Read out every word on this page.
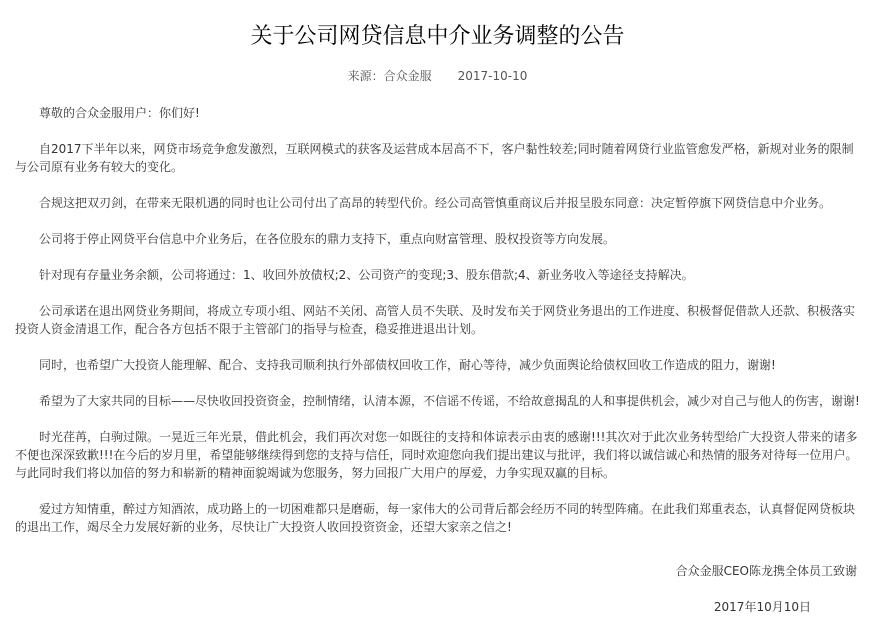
关于公司网贷信息中介业务调整的公告
来源：合众金服 2017-10-10

尊敬的合众金服用户：你们好!

自2017下半年以来，网贷市场竞争愈发激烈，互联网模式的获客及运营成本居高不下，客户黏性较差;同时随着网贷行业监管愈发严格，新规对业务的限制与公司原有业务有较大的变化。

合规这把双刃剑，在带来无限机遇的同时也让公司付出了高昂的转型代价。经公司高管慎重商议后并报呈股东同意：决定暂停旗下网贷信息中介业务。

公司将于停止网贷平台信息中介业务后，在各位股东的鼎力支持下，重点向财富管理、股权投资等方向发展。

针对现有存量业务余额，公司将通过：1、收回外放债权;2、公司资产的变现;3、股东借款;4、新业务收入等途径支持解决。

公司承诺在退出网贷业务期间，将成立专项小组、网站不关闭、高管人员不失联、及时发布关于网贷业务退出的工作进度、积极督促借款人还款、积极落实投资人资金清退工作，配合各方包括不限于主管部门的指导与检查，稳妥推进退出计划。

同时，也希望广大投资人能理解、配合、支持我司顺利执行外部债权回收工作，耐心等待，减少负面舆论给债权回收工作造成的阻力，谢谢!

希望为了大家共同的目标——尽快收回投资资金，控制情绪，认清本源，不信谣不传谣，不给故意揭乱的人和事提供机会，减少对自己与他人的伤害，谢谢!

时光荏苒，白驹过隙。一晃近三年光景，借此机会，我们再次对您一如既往的支持和体谅表示由衷的感谢!!!其次对于此次业务转型给广大投资人带来的诸多不便也深深致歉!!!在今后的岁月里，希望能够继续得到您的支持与信任，同时欢迎您向我们提出建议与批评，我们将以诚信诚心和热情的服务对待每一位用户。与此同时我们将以加倍的努力和崭新的精神面貌竭诚为您服务，努力回报广大用户的厚爱，力争实现双赢的目标。

爱过方知情重，醉过方知酒浓，成功路上的一切困难都只是磨砺，每一家伟大的公司背后都会经历不同的转型阵痛。在此我们郑重表态，认真督促网贷板块的退出工作，竭尽全力发展好新的业务，尽快让广大投资人收回投资资金，还望大家亲之信之!

合众金服CEO陈龙携全体员工致谢
2017年10月10日
